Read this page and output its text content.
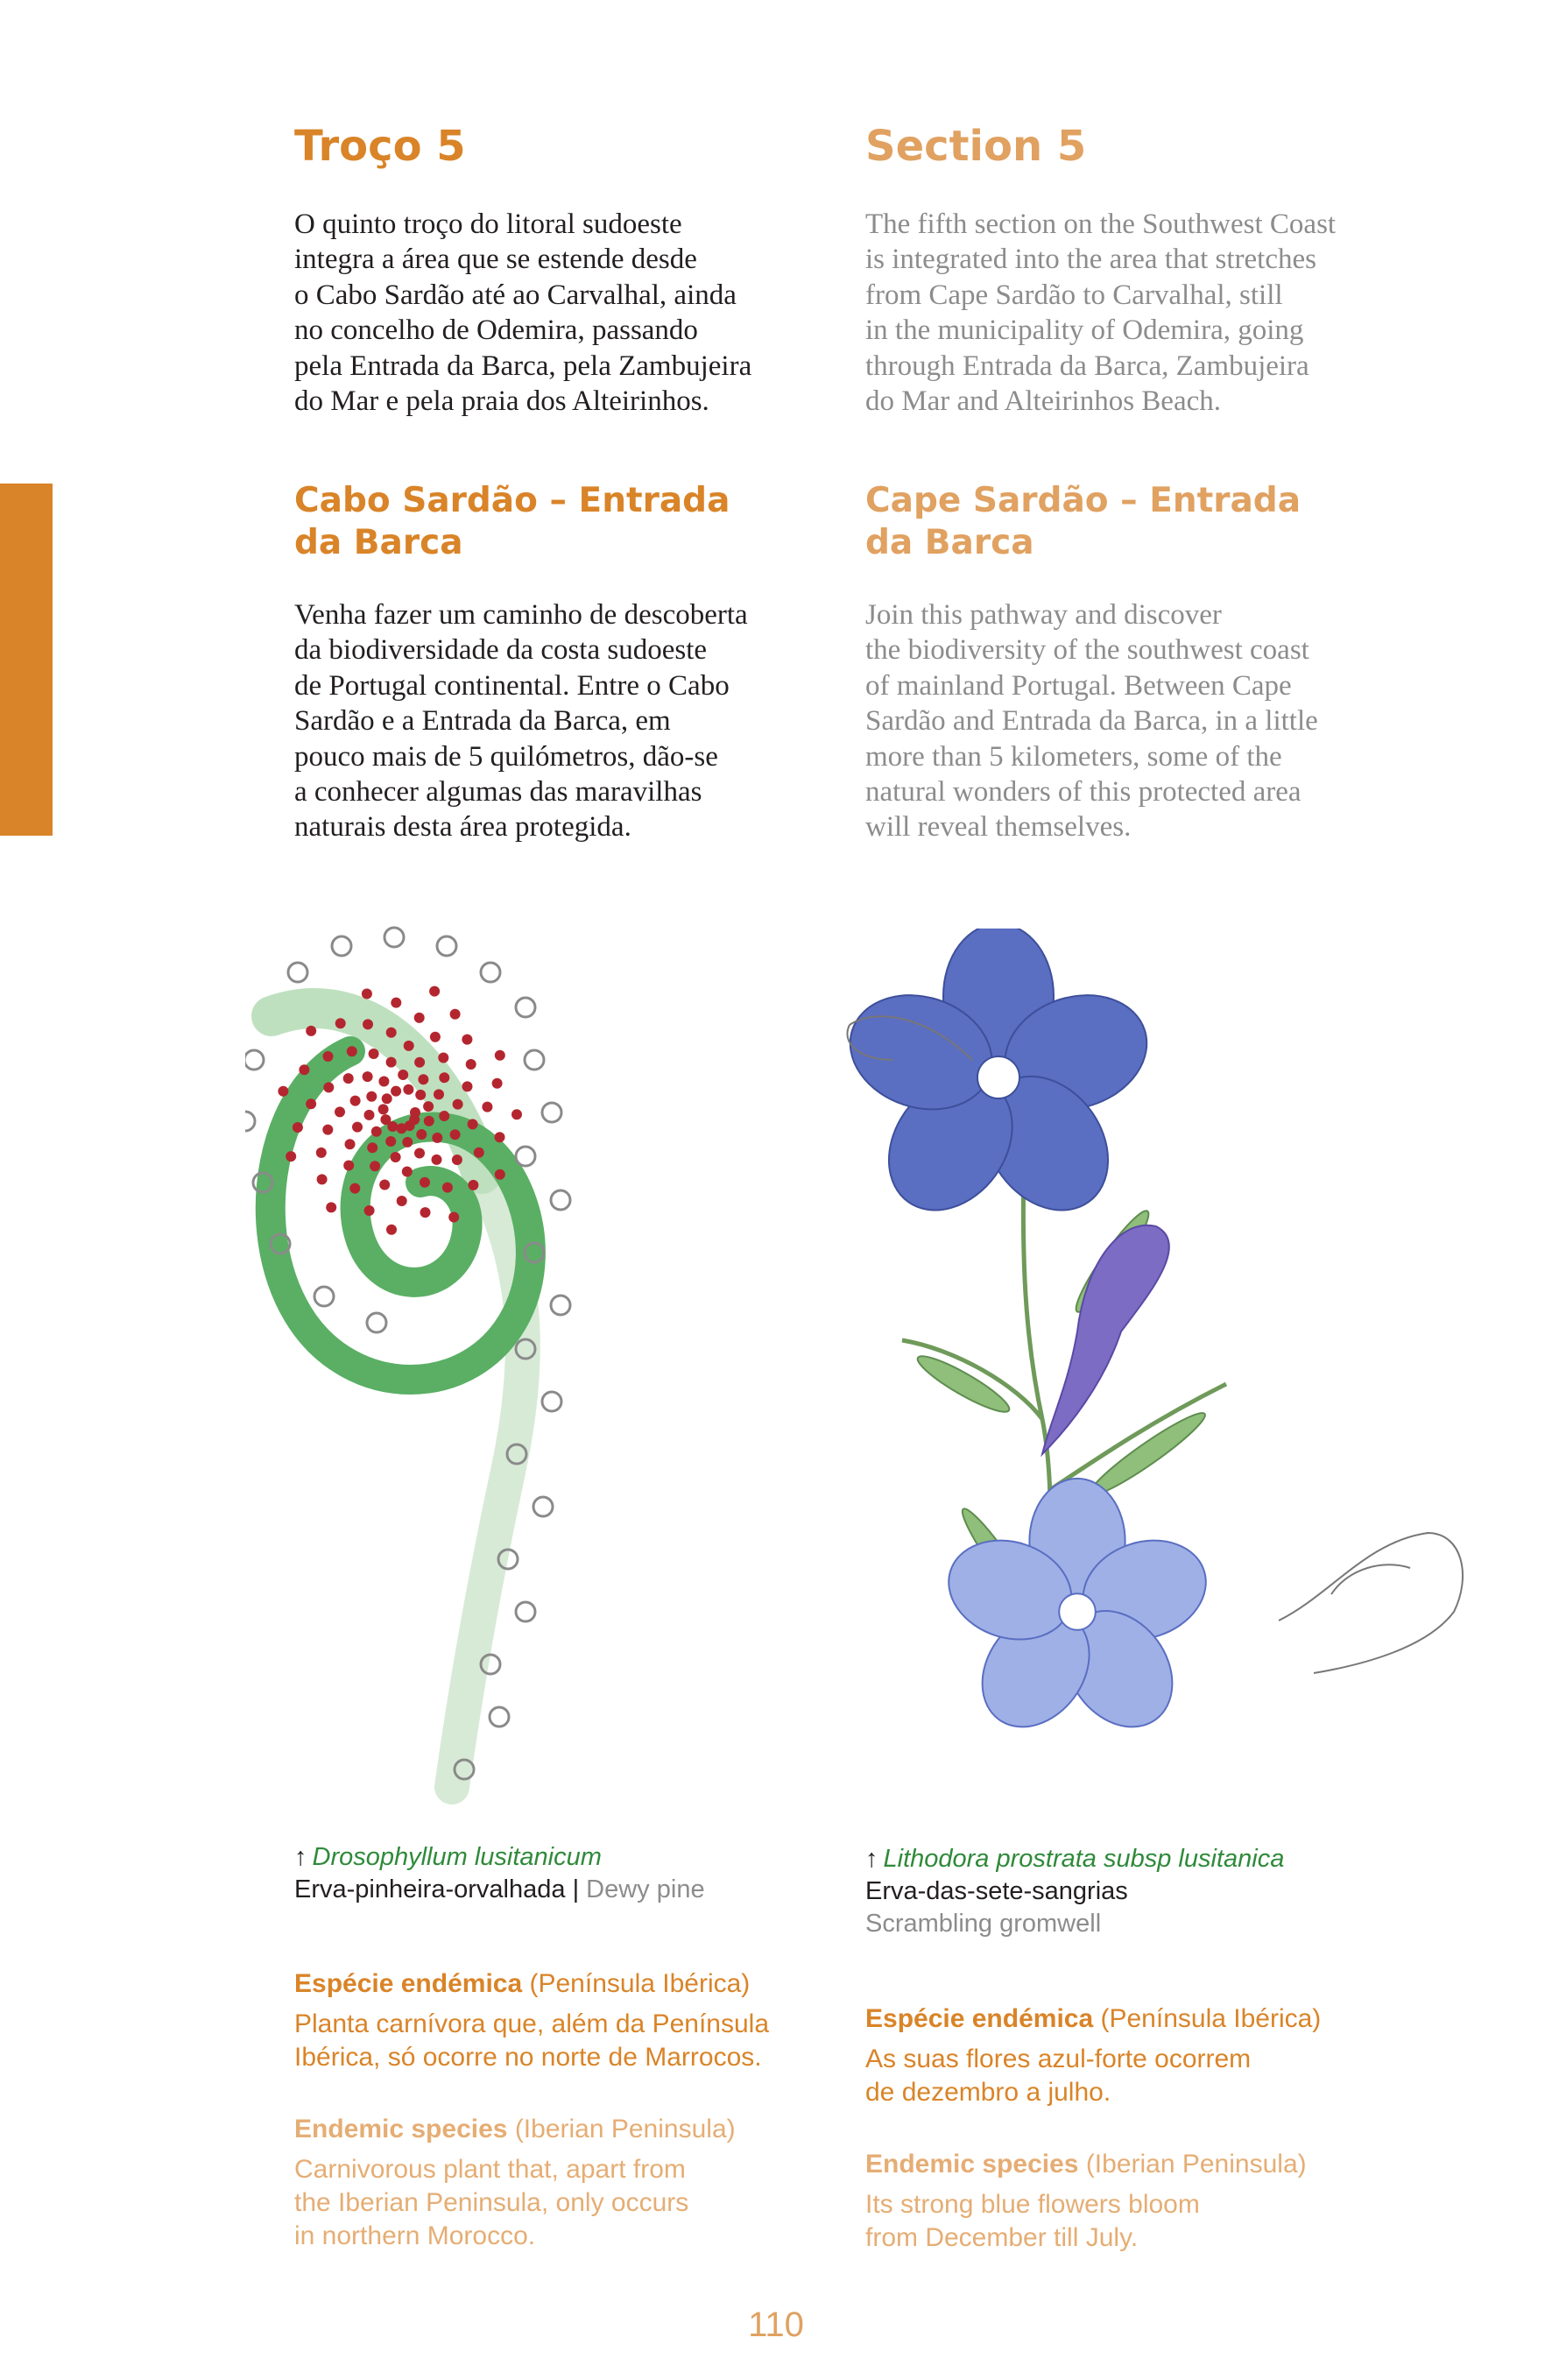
Troço 5

O quinto troço do litoral sudoeste
integra a área que se estende desde
o Cabo Sardão até ao Carvalhal, ainda
no concelho de Odemira, passando
pela Entrada da Barca, pela Zambujeira
do Mar e pela praia dos Alteirinhos.

Cabo Sardão – Entrada
da Barca

Venha fazer um caminho de descoberta
da biodiversidade da costa sudoeste
de Portugal continental. Entre o Cabo
Sardão e a Entrada da Barca, em
pouco mais de 5 quilómetros, dão-se
a conhecer algumas das maravilhas
naturais desta área protegida.

Section 5

The fifth section on the Southwest Coast
is integrated into the area that stretches
from Cape Sardão to Carvalhal, still
in the municipality of Odemira, going
through Entrada da Barca, Zambujeira
do Mar and Alteirinhos Beach.

Cape Sardão – Entrada
da Barca

Join this pathway and discover
the biodiversity of the southwest coast
of mainland Portugal. Between Cape
Sardão and Entrada da Barca, in a little
more than 5 kilometers, some of the
natural wonders of this protected area
will reveal themselves.

↑ Drosophyllum lusitanicum
Erva-pinheira-orvalhada | Dewy pine
Espécie endémica (Península Ibérica)
Planta carnívora que, além da Península
Ibérica, só ocorre no norte de Marrocos.
Endemic species (Iberian Peninsula)
Carnivorous plant that, apart from
the Iberian Peninsula, only occurs
in northern Morocco.
↑ Lithodora prostrata subsp lusitanica
Erva-das-sete-sangrias
Scrambling gromwell
Espécie endémica (Península Ibérica)
As suas flores azul-forte ocorrem
de dezembro a julho.
Endemic species (Iberian Peninsula)
Its strong blue flowers bloom
from December till July.
110
